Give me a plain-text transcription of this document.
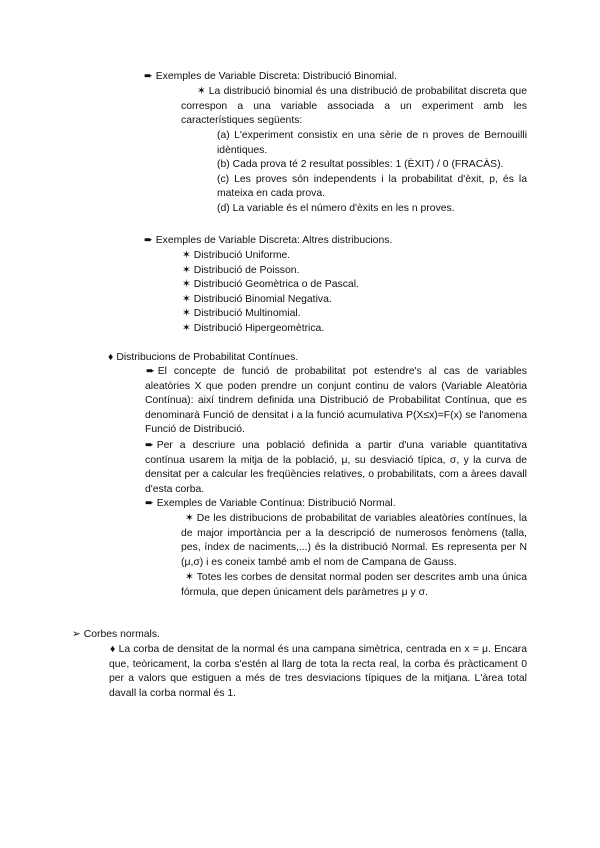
➨ Exemples de Variable Discreta: Distribució Binomial.

✶ La distribució binomial és una distribució de probabilitat discreta que correspon a una variable associada a un experiment amb les característiques següents:

(a) L'experiment consistix en una sèrie de n proves de Bernouilli idèntiques.

(b) Cada prova té 2 resultat possibles: 1 (ÈXIT) / 0 (FRACÀS).

(c) Les proves són independents i la probabilitat d'èxit, p, és la mateixa en cada prova.

(d) La variable és el número d'èxits en les n proves.

➨ Exemples de Variable Discreta: Altres distribucions.

✶ Distribució Uniforme.

✶ Distribució de Poisson.

✶ Distribució Geomètrica o de Pascal.

✶ Distribució Binomial Negativa.

✶ Distribució Multinomial.

✶ Distribució Hipergeomètrica.

♦ Distribucions de Probabilitat Contínues.

➨ El concepte de funció de probabilitat pot estendre's al cas de variables aleatòries X que poden prendre un conjunt continu de valors (Variable Aleatòria Contínua): així tindrem definida una Distribució de Probabilitat Contínua, que es denominarà Funció de densitat i a la funció acumulativa P(X≤x)=F(x) se l'anomena Funció de Distribució.

➨ Per a descriure una població definida a partir d'una variable quantitativa contínua usarem la mitja de la població, μ, su desviació típica, σ, y la curva de densitat per a calcular les freqüències relatives, o probabilitats, com a àrees davall d'esta corba.

➨ Exemples de Variable Contínua: Distribució Normal.

✶ De les distribucions de probabilitat de variables aleatòries contínues, la de major importància per a la descripció de numerosos fenòmens (talla, pes, índex de naciments,...) és la distribució Normal. Es representa per N (μ,σ) i es coneix també amb el nom de Campana de Gauss.

✶ Totes les corbes de densitat normal poden ser descrites amb una única fórmula, que depen únicament dels paràmetres μ y σ.

➢ Corbes normals.

♦ La corba de densitat de la normal és una campana simètrica, centrada en x = μ. Encara que, teòricament, la corba s'estén al llarg de tota la recta real, la corba és pràcticament 0 per a valors que estiguen a més de tres desviacions típiques de la mitjana. L'àrea total davall la corba normal és 1.
